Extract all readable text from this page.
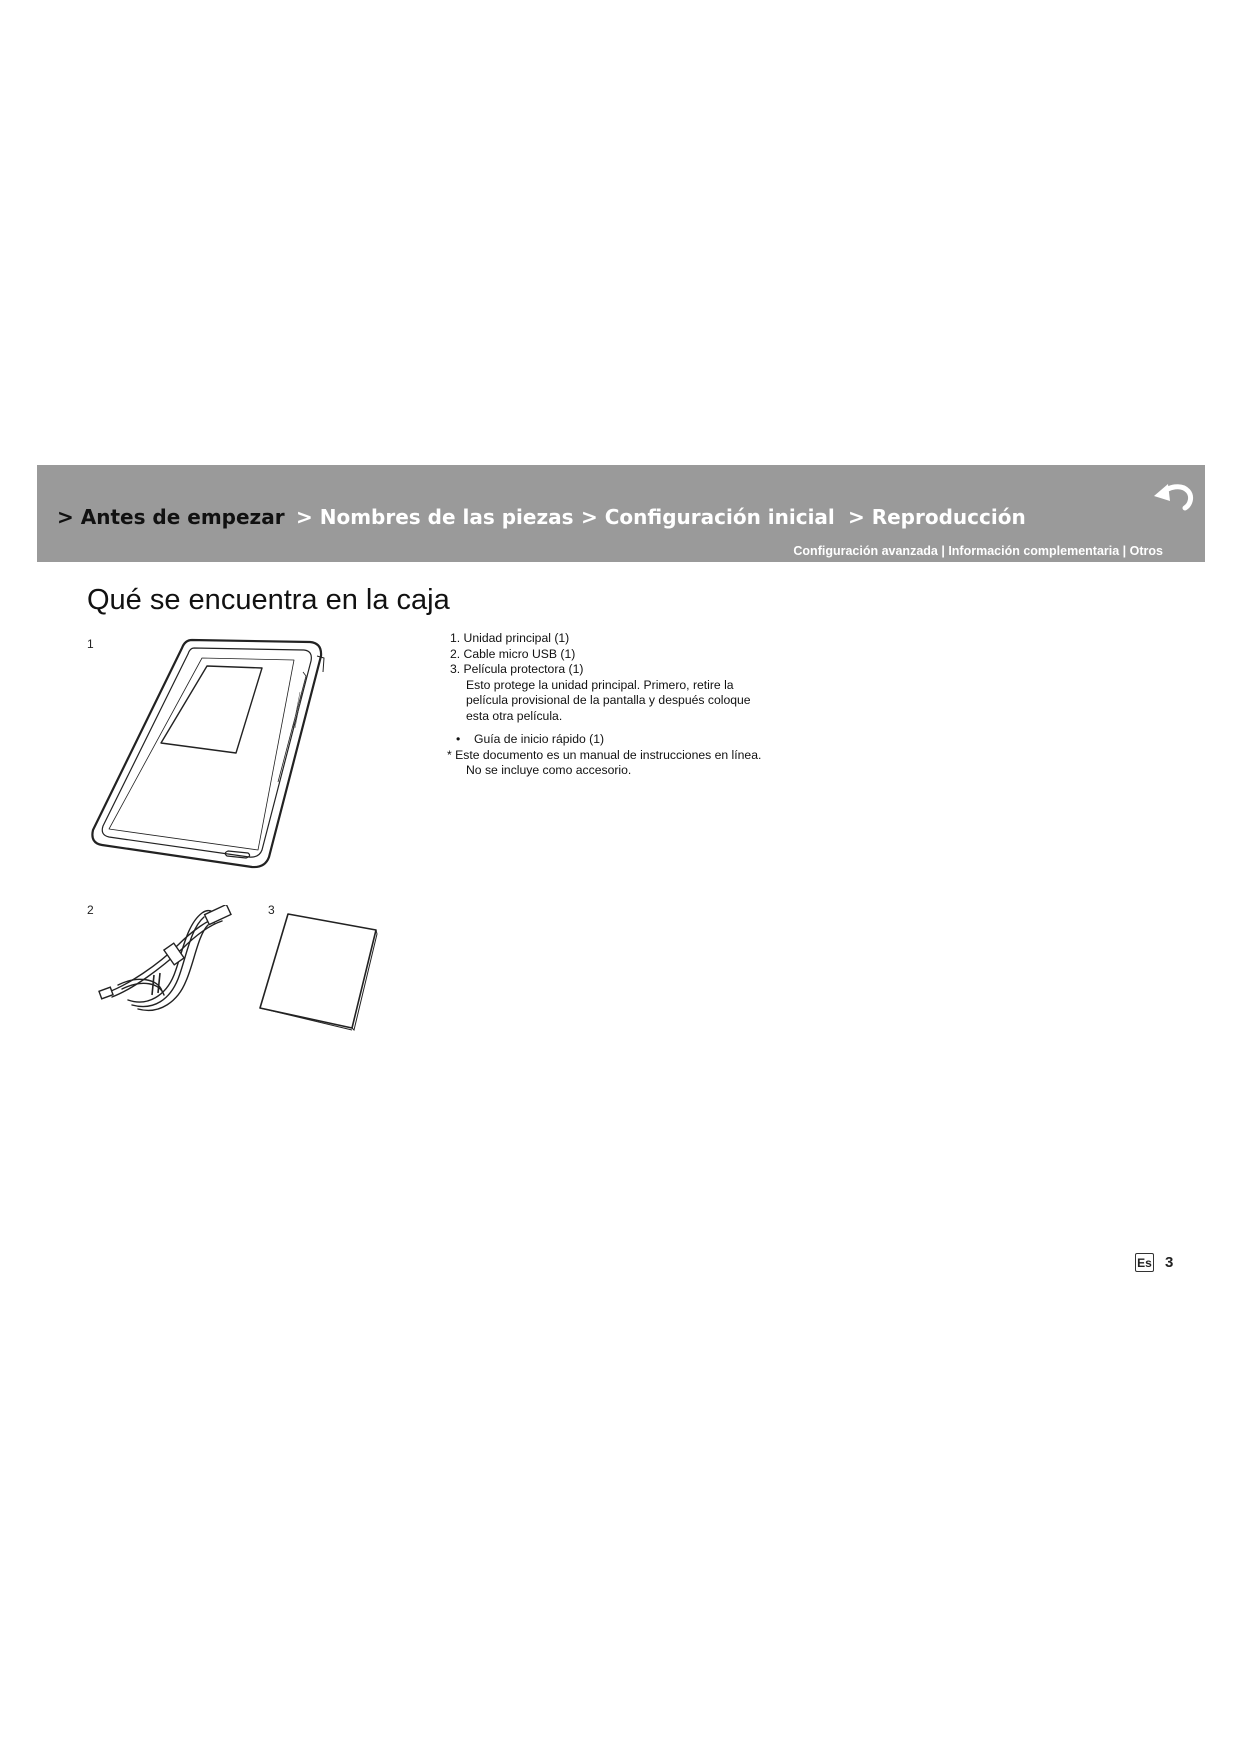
> Antes de empezar > Nombres de las piezas > Configuración inicial > Reproducción
Configuración avanzada | Información complementaria | Otros
Qué se encuentra en la caja
1
2	3
1. Unidad principal (1)
2. Cable micro USB (1)
3. Película protectora (1)
Esto protege la unidad principal. Primero, retire la
película provisional de la pantalla y después coloque
esta otra película.
• Guía de inicio rápido (1)
* Este documento es un manual de instrucciones en línea.
No se incluye como accesorio.
Es 3
